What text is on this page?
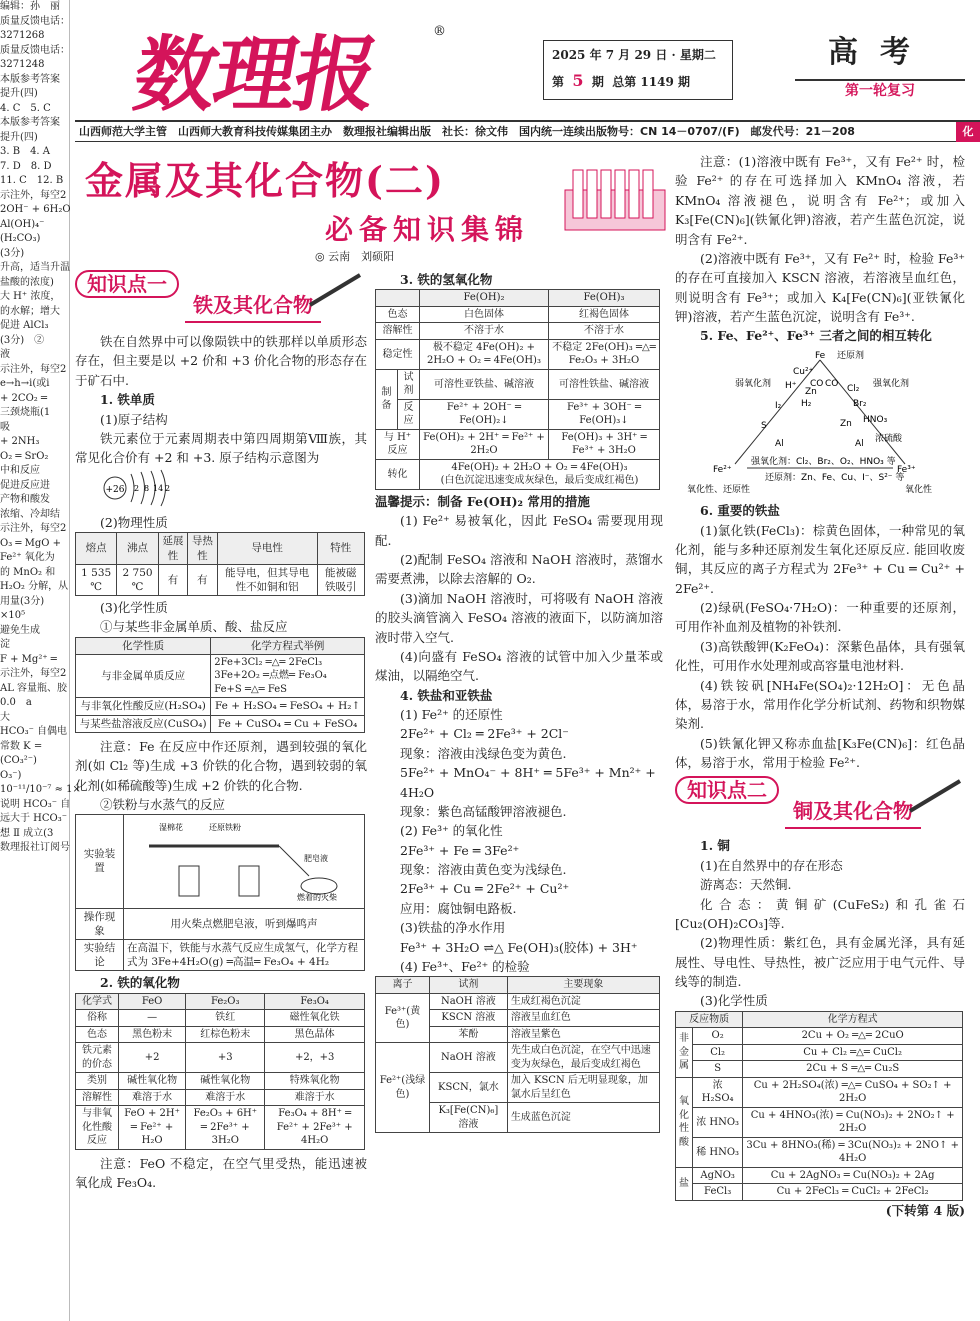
编辑：孙　丽

质量反馈电话：

3271268

质量反馈电话：

3271248

本版参考答案

提升(四)

4. C　5. C

本版参考答案

提升(四)

3. B　4. A

7. D　8. D

11. C　12. B

示注外，每空2

2OH⁻ + 6H₂O

Al(OH)₄⁻

(H₂CO₃)

(3分)

升高，适当升温

盐酸的浓度)

大 H⁺ 浓度，

的水解；增大

促进 AlCl₃

(3分)　②

液

示注外，每空2

e→h→i(或i

+ 2CO₂ ═

三颈烧瓶(1

吸

+ 2NH₃

O₂ ═ SrO₂

中和反应

促进反应进

产物和酸发

浓缩、冷却结

示注外，每空2

O₃ ═ MgO +

Fe²⁺ 氧化为

的 MnO₂ 和

H₂O₂ 分解，从

用量(3分)

×10⁵

避免生成

淀

F + Mg²⁺ ═

示注外，每空2

AL 容量瓶、胶

0.0　a

大

HCO₃⁻ 自偶电

常数 K =

(CO₃²⁻)

O₃⁻)

10⁻¹¹/10⁻⁷ ≈ 1×

说明 HCO₃⁻ 自

远大于 HCO₃⁻

想 Ⅱ 成立(3

数理报社订阅号

数理报	®
2025 年 7 月 29 日 · 星期二
第 5 期 总第 1149 期
高考
第一轮复习
山西师范大学主管　山西师大教育科技传媒集团主办　数理报社编辑出版　社长：徐文伟　国内统一连续出版物号：CN 14－0707/(F)　邮发代号：21－208	化
金属及其化合物(二)
必备知识集锦
◎ 云南　刘硕阳
知识点一
铁及其化合物

铁在自然界中可以像陨铁中的铁那样以单质形态存在，但主要是以 +2 价和 +3 价化合物的形态存在于矿石中.

1. 铁单质

(1)原子结构

铁元素位于元素周期表中第四周期第Ⅷ族，其常见化合价有 +2 和 +3. 原子结构示意图为

+26 2 8 14 2

(2)物理性质

熔点	沸点	延展性	导热性	导电性	特性
1 535 ℃	2 750 ℃	有	有	能导电，但其导电性不如铜和铝	能被磁铁吸引

(3)化学性质

①与某些非金属单质、酸、盐反应

化学性质	化学方程式举例
与非金属单质反应	2Fe+3Cl₂ ═△═ 2FeCl₃
3Fe+2O₂ ═点燃═ Fe₃O₄
Fe+S ═△═ FeS

与非氧化性酸反应(H₂SO₄)	Fe + H₂SO₄ ═ FeSO₄ + H₂↑
与某些盐溶液反应(CuSO₄)	Fe + CuSO₄ ═ Cu + FeSO₄

注意：Fe 在反应中作还原剂，遇到较强的氧化剂(如 Cl₂ 等)生成 +3 价铁的化合物，遇到较弱的氧化剂(如稀硫酸等)生成 +2 价铁的化合物.

②铁粉与水蒸气的反应

实验装置	湿棉花 还原铁粉
肥皂液
燃着的火柴

操作现象	用火柴点燃肥皂液，听到爆鸣声
实验结论	在高温下，铁能与水蒸气反应生成氢气，化学方程式为 3Fe+4H₂O(g) ═高温═ Fe₃O₄ + 4H₂

2. 铁的氧化物

化学式	FeO	Fe₂O₃	Fe₃O₄
俗称	—	铁红	磁性氧化铁
色态	黑色粉末	红棕色粉末	黑色晶体
铁元素的价态	+2	+3	+2，+3
类别	碱性氧化物	碱性氧化物	特殊氧化物
溶解性	难溶于水	难溶于水	难溶于水
与非氧化性酸反应	FeO + 2H⁺ ═ Fe²⁺ + H₂O	Fe₂O₃ + 6H⁺ ═ 2Fe³⁺ + 3H₂O	Fe₃O₄ + 8H⁺ ═ Fe²⁺ + 2Fe³⁺ + 4H₂O

注意：FeO 不稳定，在空气里受热，能迅速被氧化成 Fe₃O₄.

3. 铁的氢氧化物

		Fe(OH)₂	Fe(OH)₃
色态		白色固体	红褐色固体
溶解性		不溶于水	不溶于水
稳定性		极不稳定 4Fe(OH)₂ + 2H₂O + O₂ ═ 4Fe(OH)₃	不稳定 2Fe(OH)₃ ═△═ Fe₂O₃ + 3H₂O
制备	试剂	可溶性亚铁盐、碱溶液	可溶性铁盐、碱溶液
	反应	Fe²⁺ + 2OH⁻ ═ Fe(OH)₂↓	Fe³⁺ + 3OH⁻ ═ Fe(OH)₃↓
与 H⁺ 反应		Fe(OH)₂ + 2H⁺ ═ Fe²⁺ + 2H₂O	Fe(OH)₃ + 3H⁺ ═ Fe³⁺ + 3H₂O
转化		4Fe(OH)₂ + 2H₂O + O₂ ═ 4Fe(OH)₃
(白色沉淀迅速变成灰绿色，最后变成红褐色)	

温馨提示：制备 Fe(OH)₂ 常用的措施

(1) Fe²⁺ 易被氧化，因此 FeSO₄ 需要现用现配.

(2)配制 FeSO₄ 溶液和 NaOH 溶液时，蒸馏水需要煮沸，以除去溶解的 O₂.

(3)滴加 NaOH 溶液时，可将吸有 NaOH 溶液的胶头滴管滴入 FeSO₄ 溶液的液面下，以防滴加溶液时带入空气.

(4)向盛有 FeSO₄ 溶液的试管中加入少量苯或煤油，以隔绝空气.

4. 铁盐和亚铁盐

(1) Fe²⁺ 的还原性

2Fe²⁺ + Cl₂ ═ 2Fe³⁺ + 2Cl⁻

现象：溶液由浅绿色变为黄色.

5Fe²⁺ + MnO₄⁻ + 8H⁺ ═ 5Fe³⁺ + Mn²⁺ + 4H₂O

现象：紫色高锰酸钾溶液褪色.

(2) Fe³⁺ 的氧化性

2Fe³⁺ + Fe ═ 3Fe²⁺

现象：溶液由黄色变为浅绿色.

2Fe³⁺ + Cu ═ 2Fe²⁺ + Cu²⁺

应用：腐蚀铜电路板.

(3)铁盐的净水作用

Fe³⁺ + 3H₂O ⇌△ Fe(OH)₃(胶体) + 3H⁺

(4) Fe³⁺、Fe²⁺ 的检验

离子	试剂	主要现象
Fe³⁺(黄色)	NaOH 溶液	生成红褐色沉淀
	KSCN 溶液	溶液呈血红色
	苯酚	溶液呈紫色
Fe²⁺(浅绿色)	NaOH 溶液	先生成白色沉淀，在空气中迅速变为灰绿色，最后变成红褐色
	KSCN，氯水	加入 KSCN 后无明显现象，加氯水后呈红色
	K₃[Fe(CN)₆] 溶液	生成蓝色沉淀

注意：(1)溶液中既有 Fe³⁺，又有 Fe²⁺ 时，检验 Fe²⁺ 的存在可选择加入 KMnO₄ 溶液，若 KMnO₄ 溶液褪色，说明含有 Fe²⁺；或加入 K₃[Fe(CN)₆](铁氰化钾)溶液，若产生蓝色沉淀，说明含有 Fe²⁺.

(2)溶液中既有 Fe³⁺，又有 Fe²⁺ 时，检验 Fe³⁺ 的存在可直接加入 KSCN 溶液，若溶液呈血红色，则说明含有 Fe³⁺；或加入 K₄[Fe(CN)₆](亚铁氰化钾)溶液，若产生蓝色沉淀，说明含有 Fe³⁺.

5. Fe、Fe²⁺、Fe³⁺ 三者之间的相互转化

Fe 还原剂
Fe²⁺	Fe³⁺
弱氧化剂
Cu²⁺
H⁺
I₂
S
强氧化剂
Cl₂
Br₂
HNO₃
浓硫酸
Zn
H₂
CO
Al
CO
Al
Zn
强氧化剂：Cl₂、Br₂、O₂、HNO₃ 等
还原剂：Zn、Fe、Cu、I⁻、S²⁻ 等
氧化性、还原性	氧化性

6. 重要的铁盐

(1)氯化铁(FeCl₃)：棕黄色固体，一种常见的氧化剂，能与多种还原剂发生氧化还原反应. 能回收废铜，其反应的离子方程式为 2Fe³⁺ + Cu ═ Cu²⁺ + 2Fe²⁺.

(2)绿矾(FeSO₄·7H₂O)：一种重要的还原剂，可用作补血剂及植物的补铁剂.

(3)高铁酸钾(K₂FeO₄)：深紫色晶体，具有强氧化性，可用作水处理剂或高容量电池材料.

(4)铁铵矾[NH₄Fe(SO₄)₂·12H₂O]：无色晶体，易溶于水，常用作化学分析试剂、药物和织物媒染剂.

(5)铁氰化钾又称赤血盐[K₃Fe(CN)₆]：红色晶体，易溶于水，常用于检验 Fe²⁺.

知识点二
铜及其化合物

1. 铜

(1)在自然界中的存在形态

游离态：天然铜.

化合态：黄铜矿(CuFeS₂)和孔雀石[Cu₂(OH)₂CO₃]等.

(2)物理性质：紫红色，具有金属光泽，具有延展性、导电性、导热性，被广泛应用于电气元件、导线等的制造.

(3)化学性质

反应物质		化学方程式
非金属	O₂	2Cu + O₂ ═△═ 2CuO
	Cl₂	Cu + Cl₂ ═△═ CuCl₂
	S	2Cu + S ═△═ Cu₂S
氧化性酸	浓 H₂SO₄	Cu + 2H₂SO₄(浓) ═△═ CuSO₄ + SO₂↑ + 2H₂O
	浓 HNO₃	Cu + 4HNO₃(浓) ═ Cu(NO₃)₂ + 2NO₂↑ + 2H₂O
	稀 HNO₃	3Cu + 8HNO₃(稀) ═ 3Cu(NO₃)₂ + 2NO↑ + 4H₂O
盐	AgNO₃	Cu + 2AgNO₃ ═ Cu(NO₃)₂ + 2Ag
	FeCl₃	Cu + 2FeCl₃ ═ CuCl₂ + 2FeCl₂

(下转第 4 版)
